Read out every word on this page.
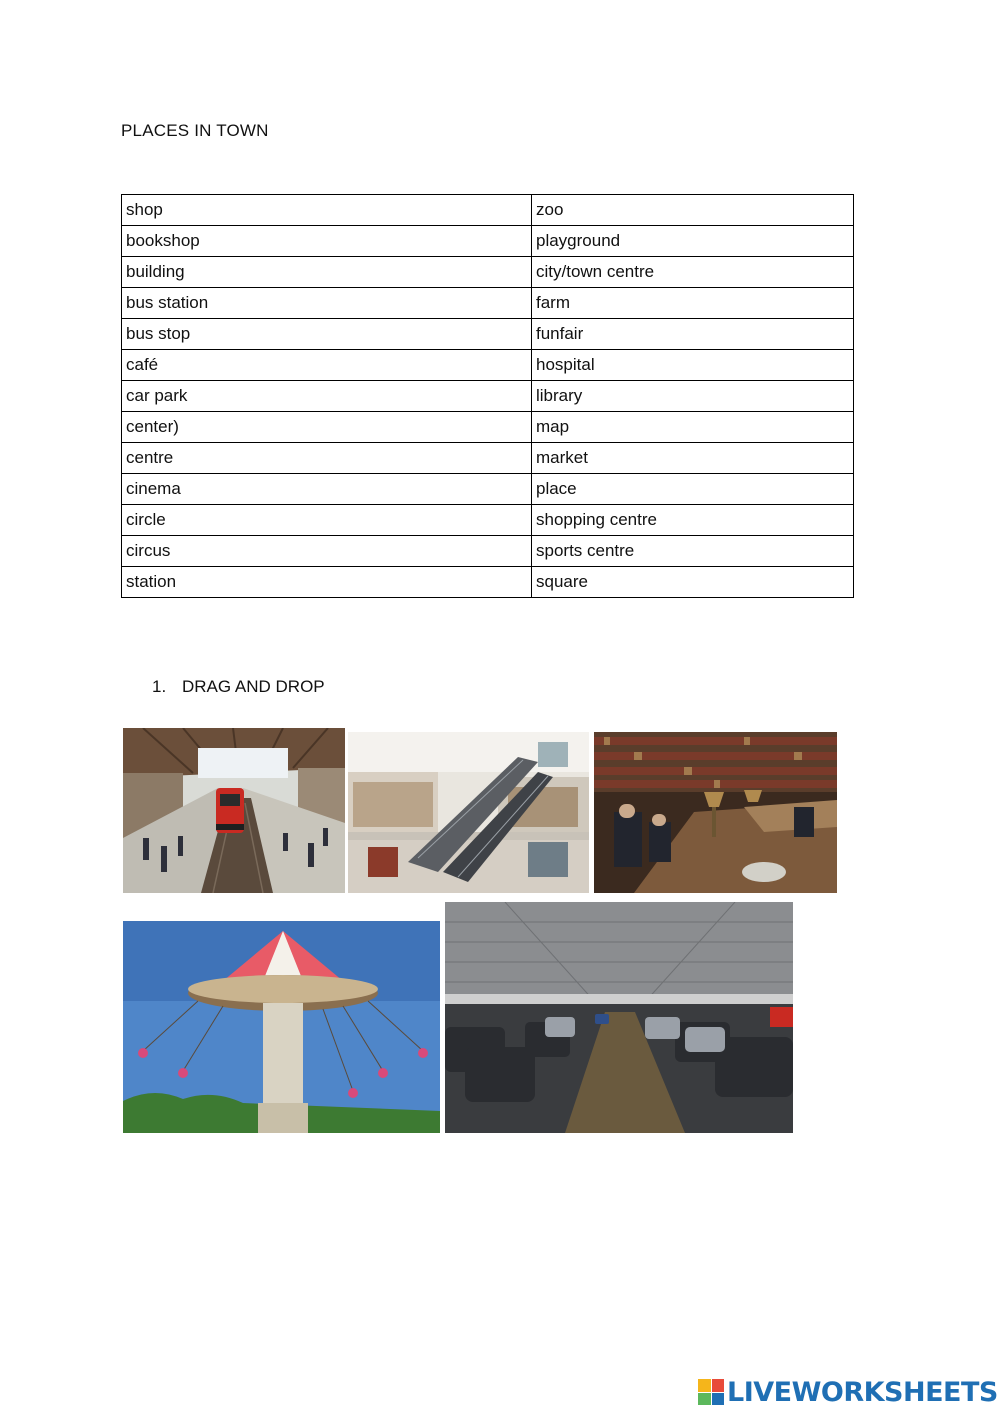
PLACES IN TOWN
shop	zoo
bookshop	playground
building	city/town centre
bus station	farm
bus stop	funfair
café	hospital
car park	library
center)	map
centre	market
cinema	place
circle	shopping centre
circus	sports centre
station	square
1. DRAG AND DROP
LIVEWORKSHEETS
